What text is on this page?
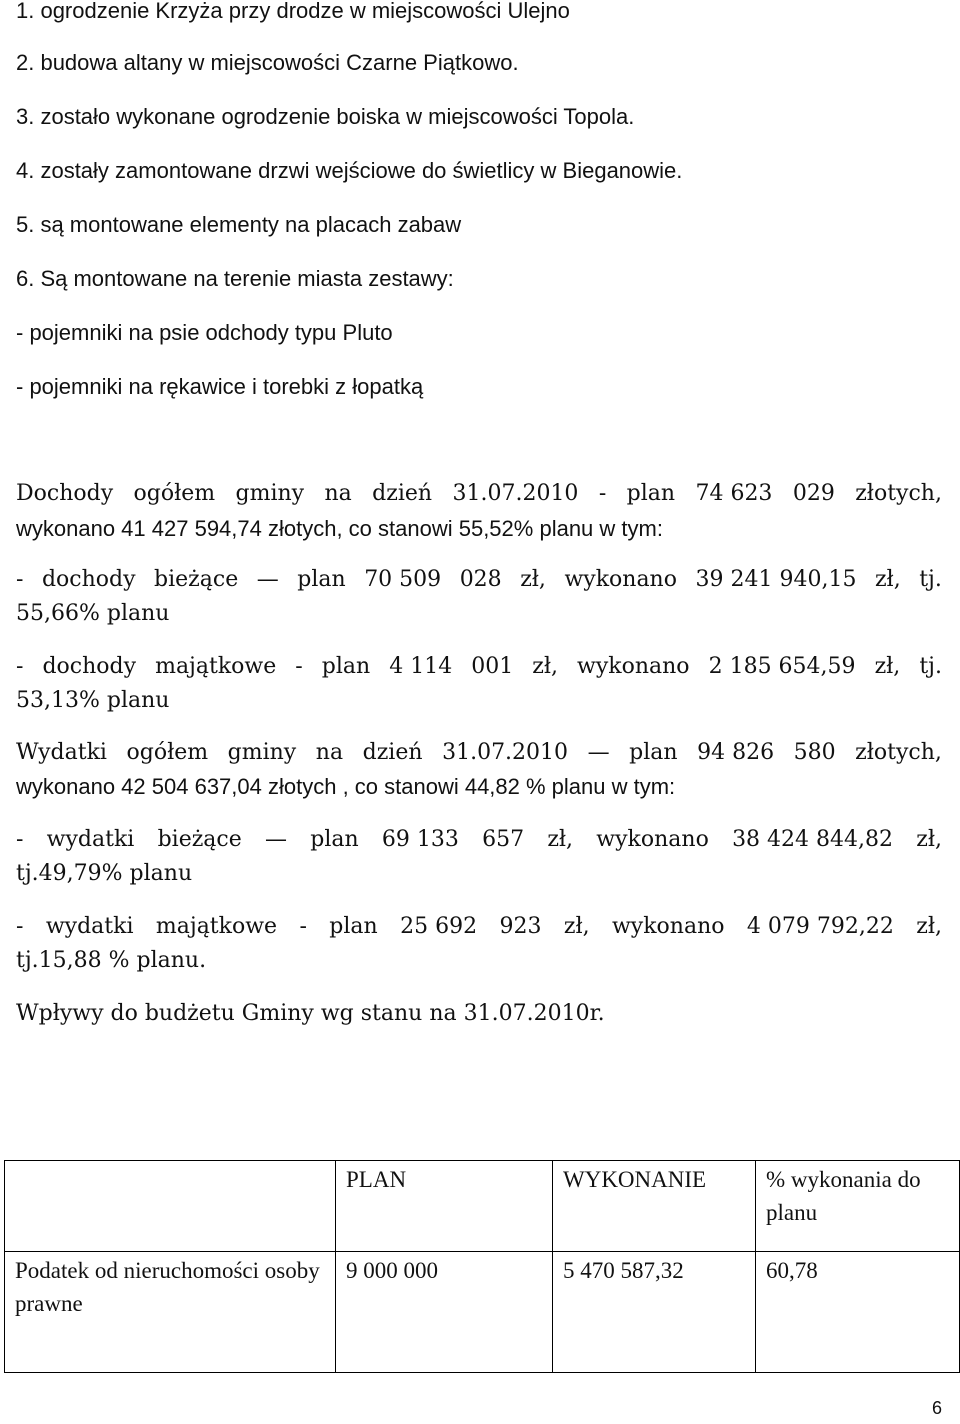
1. ogrodzenie Krzyża przy drodze w miejscowości Ulejno
2. budowa altany w miejscowości Czarne Piątkowo.
3. zostało wykonane ogrodzenie boiska w miejscowości Topola.
4. zostały zamontowane drzwi wejściowe do świetlicy w Bieganowie.
5. są montowane elementy na placach zabaw
6. Są montowane na terenie miasta zestawy:
- pojemniki na psie odchody typu Pluto
- pojemniki na rękawice i torebki z łopatką
Dochody ogółem gminy na dzień 31.07.2010 - plan 74 623 029 złotych,
wykonano 41 427 594,74 złotych, co stanowi 55,52% planu w tym:
- dochody bieżące — plan 70 509 028 zł, wykonano 39 241 940,15 zł, tj.
55,66% planu
- dochody majątkowe - plan 4 114 001 zł, wykonano 2 185 654,59 zł, tj.
53,13% planu
Wydatki ogółem gminy na dzień 31.07.2010 — plan 94 826 580 złotych,
wykonano 42 504 637,04 złotych , co stanowi 44,82 % planu w tym:
- wydatki bieżące — plan 69 133 657 zł, wykonano 38 424 844,82 zł,
tj.49,79% planu
- wydatki majątkowe - plan 25 692 923 zł, wykonano 4 079 792,22 zł,
tj.15,88 % planu.
Wpływy do budżetu Gminy wg stanu na 31.07.2010r.
	PLAN	WYKONANIE	% wykonania do planu
Podatek od nieruchomości osoby prawne	9 000 000	5 470 587,32	60,78
6
